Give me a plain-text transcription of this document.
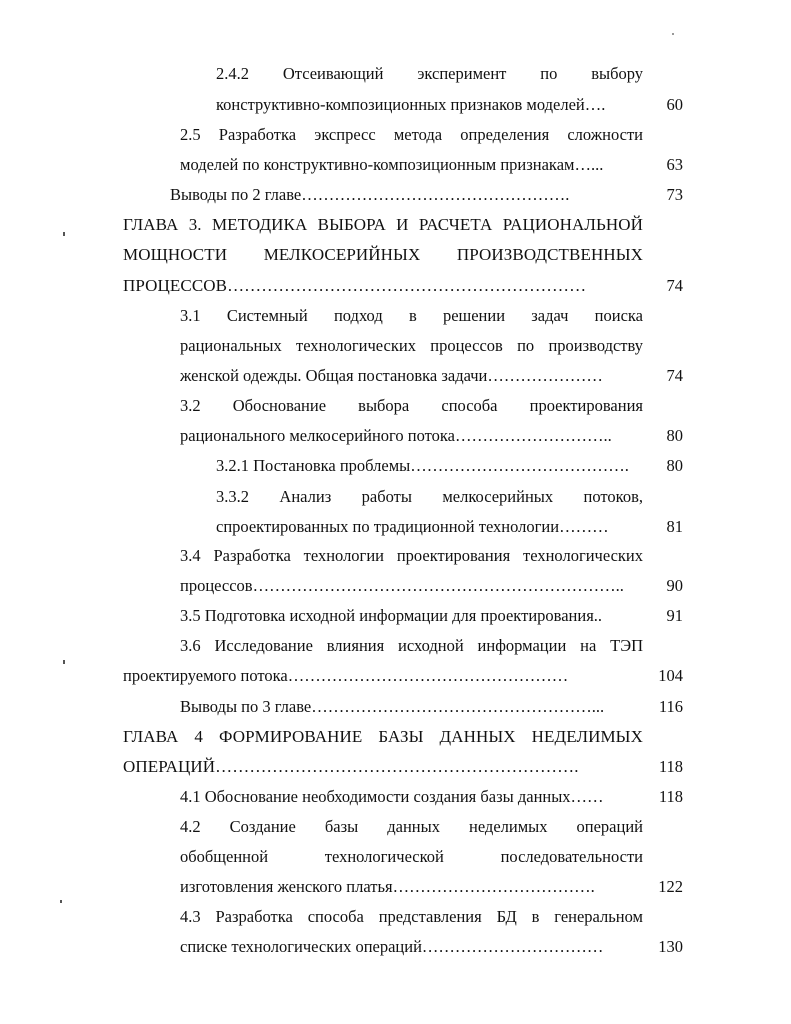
2.4.2 Отсеивающий эксперимент по выбору
конструктивно-композиционных признаков моделей….	60
2.5 Разработка экспресс метода определения сложности
моделей по конструктивно-композиционным признакам…...	63
Выводы по 2 главе………………………………………….	73
ГЛАВА 3. МЕТОДИКА ВЫБОРА И РАСЧЕТА РАЦИОНАЛЬНОЙ
МОЩНОСТИ МЕЛКОСЕРИЙНЫХ ПРОИЗВОДСТВЕННЫХ
ПРОЦЕССОВ………………………………………………………	74
3.1 Системный подход в решении задач поиска
рациональных технологических процессов по производству
женской одежды. Общая постановка задачи…………………	74
3.2 Обоснование выбора способа проектирования
рационального мелкосерийного потока………………………..	80
3.2.1 Постановка проблемы………………………………….	80
3.3.2 Анализ работы мелкосерийных потоков,
спроектированных по традиционной технологии………	81
3.4 Разработка технологии проектирования технологических
процессов…………………………………………………………..	90
3.5 Подготовка исходной информации для проектирования..	91
3.6 Исследование влияния исходной информации на ТЭП
проектируемого потока……………………………………………	104
Выводы по 3 главе……………………………………………...	116
ГЛАВА 4 ФОРМИРОВАНИЕ БАЗЫ ДАННЫХ НЕДЕЛИМЫХ
ОПЕРАЦИЙ……………………………………………………….	118
4.1 Обоснование необходимости создания базы данных……	118
4.2 Создание базы данных неделимых операций
обобщенной технологической последовательности
изготовления женского платья……………………………….	122
4.3 Разработка способа представления БД в генеральном
списке технологических операций……………………………	130
